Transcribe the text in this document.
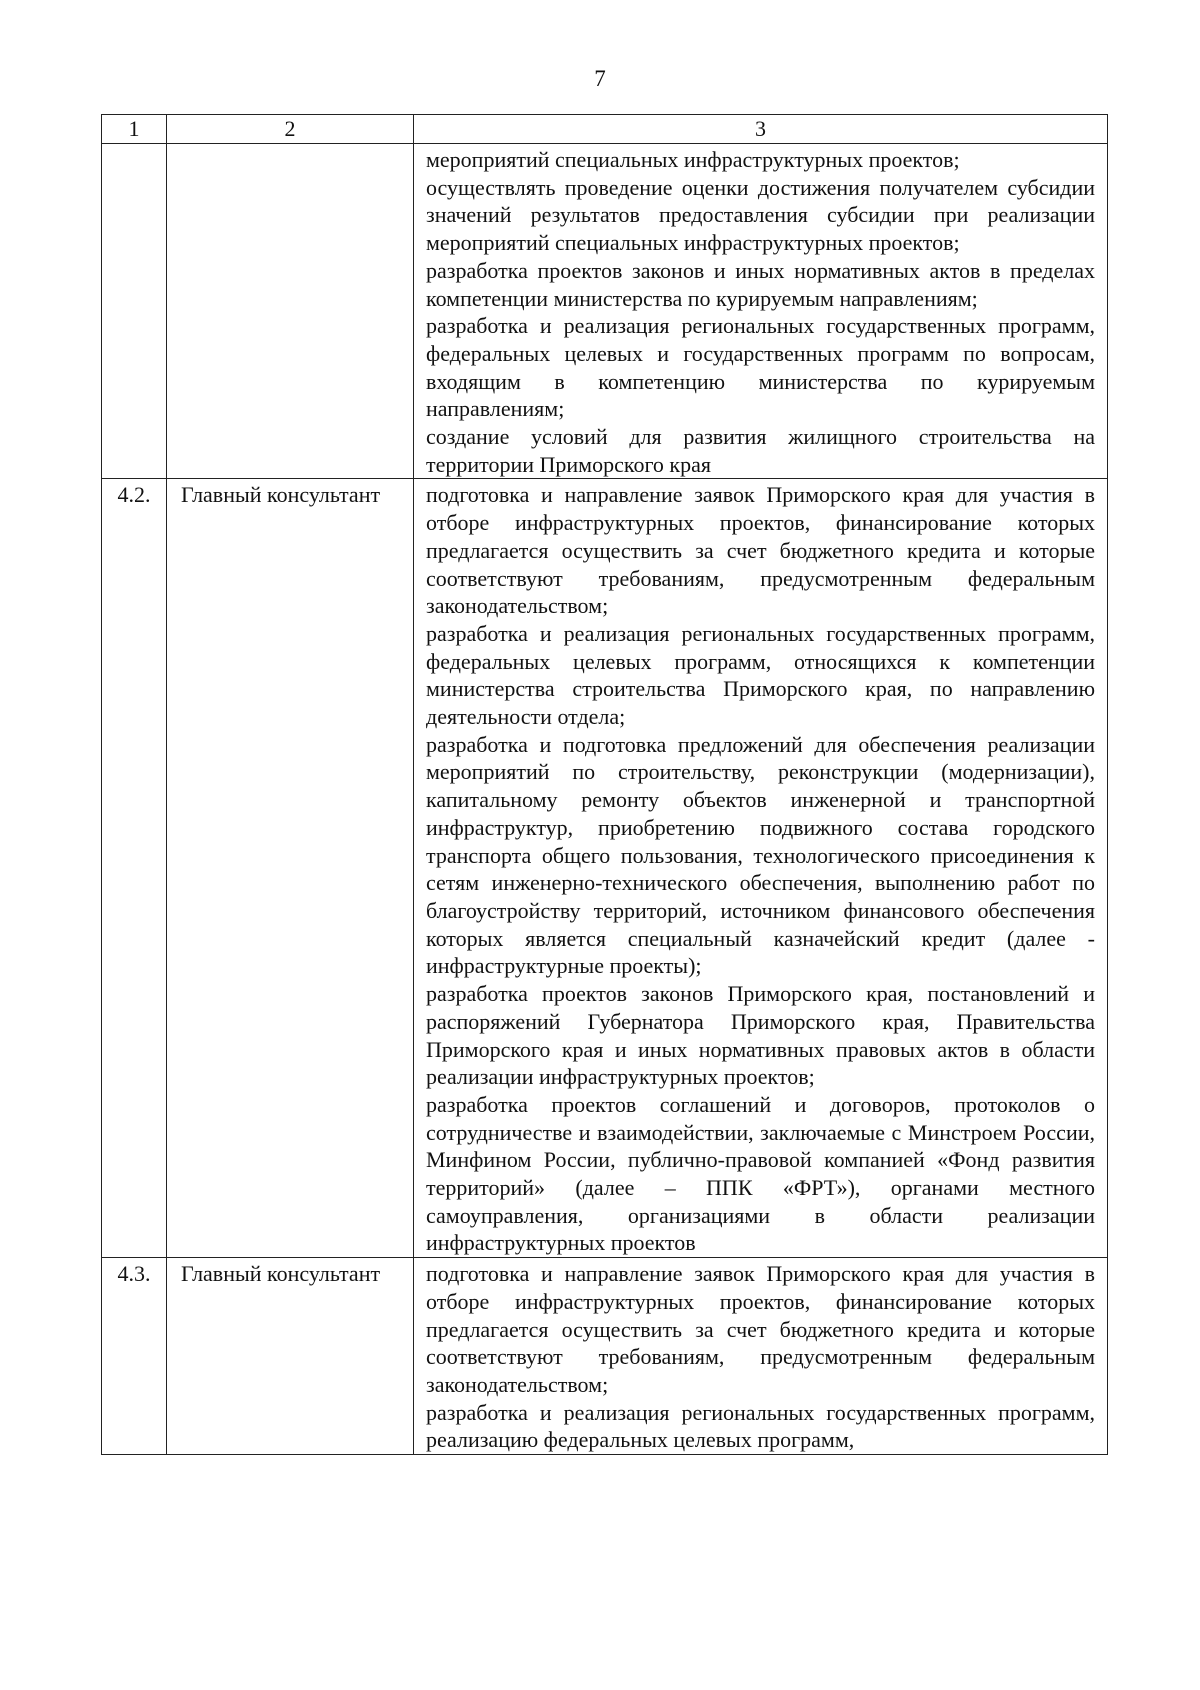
7
1	2	3

		мероприятий специальных инфраструктурных проектов;

осуществлять проведение оценки достижения получателем субсидии значений результатов предоставления субсидии при реализации мероприятий специальных инфраструктурных проектов;

разработка проектов законов и иных нормативных актов в пределах компетенции министерства по курируемым направлениям;

разработка и реализация региональных государственных программ, федеральных целевых и государственных программ по вопросам, входящим в компетенцию министерства по курируемым направлениям;

создание условий для развития жилищного строительства на территории Приморского края

4.2.	Главный консультант	подготовка и направление заявок Приморского края для участия в отборе инфраструктурных проектов, финансирование которых предлагается осуществить за счет бюджетного кредита и которые соответствуют требованиям, предусмотренным федеральным законодательством;

разработка и реализация региональных государственных программ, федеральных целевых программ, относящихся к компетенции министерства строительства Приморского края, по направлению деятельности отдела;

разработка и подготовка предложений для обеспечения реализации мероприятий по строительству, реконструкции (модернизации), капитальному ремонту объектов инженерной и транспортной инфраструктур, приобретению подвижного состава городского транспорта общего пользования, технологического присоединения к сетям инженерно-технического обеспечения, выполнению работ по благоустройству территорий, источником финансового обеспечения которых является специальный казначейский кредит (далее - инфраструктурные проекты);

разработка проектов законов Приморского края, постановлений и распоряжений Губернатора Приморского края, Правительства Приморского края и иных нормативных правовых актов в области реализации инфраструктурных проектов;

разработка проектов соглашений и договоров, протоколов о сотрудничестве и взаимодействии, заключаемые с Минстроем России, Минфином России, публично-правовой компанией «Фонд развития территорий» (далее – ППК «ФРТ»), органами местного самоуправления, организациями в области реализации инфраструктурных проектов

4.3.	Главный консультант	подготовка и направление заявок Приморского края для участия в отборе инфраструктурных проектов, финансирование которых предлагается осуществить за счет бюджетного кредита и которые соответствуют требованиям, предусмотренным федеральным законодательством;

разработка и реализация региональных государственных программ, реализацию федеральных целевых программ,
